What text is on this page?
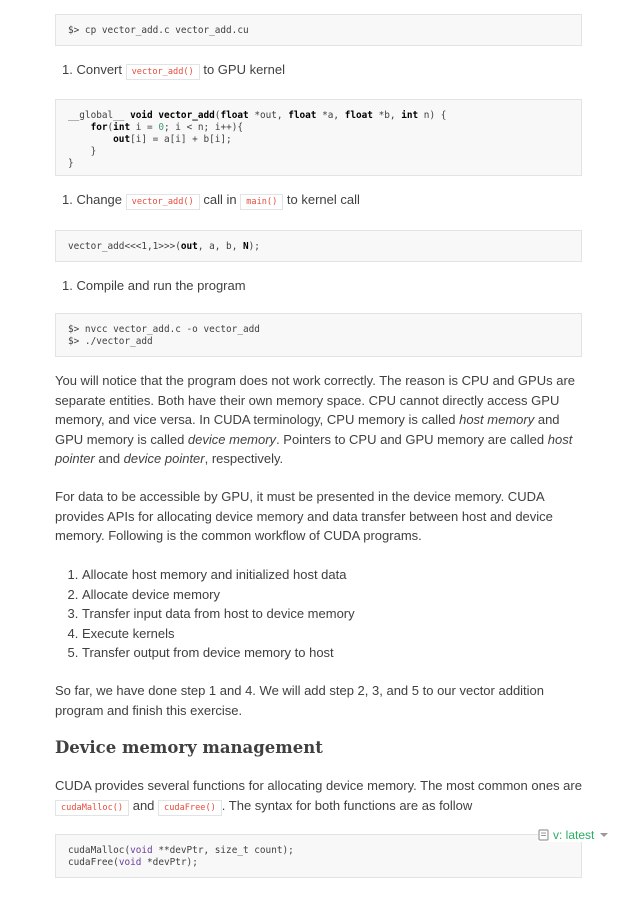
$> cp vector_add.c vector_add.cu
1. Convert vector_add() to GPU kernel
__global__ void vector_add(float *out, float *a, float *b, int n) {
for(int i = 0; i < n; i++){
out[i] = a[i] + b[i];
}
}
1. Change vector_add() call in main() to kernel call
vector_add<<<1,1>>>(out, a, b, N);
1. Compile and run the program
$> nvcc vector_add.c -o vector_add
$> ./vector_add

You will notice that the program does not work correctly. The reason is CPU and GPUs are separate entities. Both have their own memory space. CPU cannot directly access GPU memory, and vice versa. In CUDA terminology, CPU memory is called host memory and GPU memory is called device memory. Pointers to CPU and GPU memory are called host pointer and device pointer, respectively.

For data to be accessible by GPU, it must be presented in the device memory. CUDA provides APIs for allocating device memory and data transfer between host and device memory. Following is the common workflow of CUDA programs.

1. Allocate host memory and initialized host data
2. Allocate device memory
3. Transfer input data from host to device memory
4. Execute kernels
5. Transfer output from device memory to host

So far, we have done step 1 and 4. We will add step 2, 3, and 5 to our vector addition program and finish this exercise.

Device memory management

CUDA provides several functions for allocating device memory. The most common ones are
cudaMalloc() and cudaFree() . The syntax for both functions are as follow

cudaMalloc(void **devPtr, size_t count);
cudaFree(void *devPtr);
v: latest
